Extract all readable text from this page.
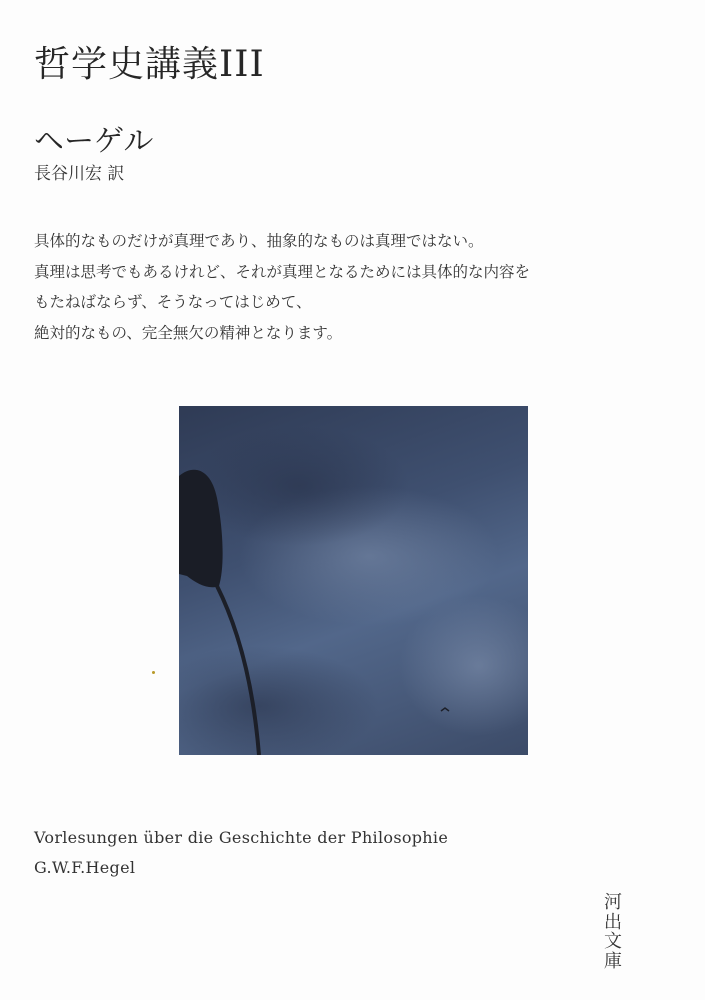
哲学史講義III
ヘーゲル
長谷川宏 訳
具体的なものだけが真理であり、抽象的なものは真理ではない。
真理は思考でもあるけれど、それが真理となるためには具体的な内容を
もたねばならず、そうなってはじめて、
絶対的なもの、完全無欠の精神となります。
Vorlesungen über die Geschichte der Philosophie
G.W.F.Hegel
河
出
文
庫
